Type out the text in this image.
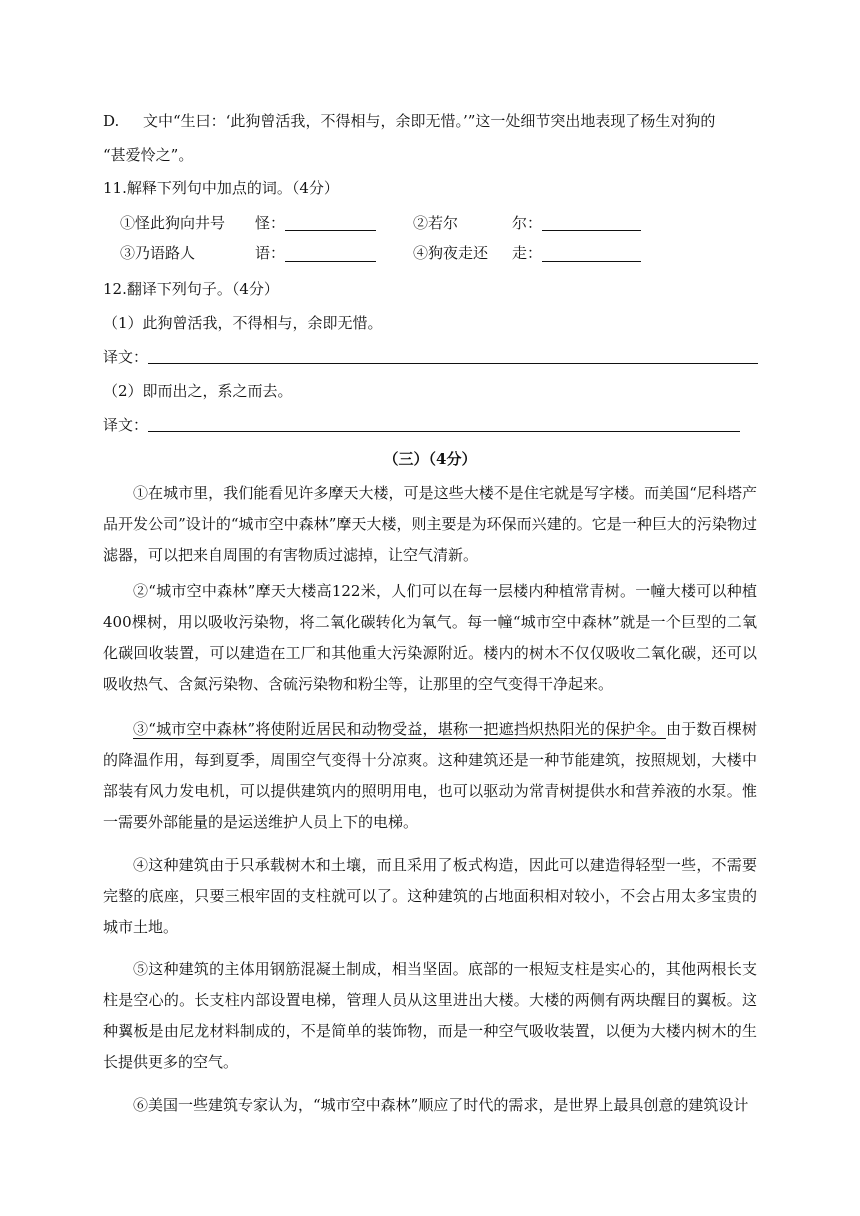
D. 文中“生曰：‘此狗曾活我，不得相与，余即无惜。’”这一处细节突出地表现了杨生对狗的
“甚爱怜之”。
11.解释下列句中加点的词。（4分）
①怪此狗向井号 怪：	②若尔	尔：
③乃语路人	语：	④狗夜走还 走：
12.翻译下列句子。（4分）
（1）此狗曾活我，不得相与，余即无惜。
译文：
（2）即而出之，系之而去。
译文：
（三）（4分）
①在城市里，我们能看见许多摩天大楼，可是这些大楼不是住宅就是写字楼。而美国“尼科塔产品开发公司”设计的“城市空中森林”摩天大楼，则主要是为环保而兴建的。它是一种巨大的污染物过滤器，可以把来自周围的有害物质过滤掉，让空气清新。
②“城市空中森林”摩天大楼高122米，人们可以在每一层楼内种植常青树。一幢大楼可以种植400棵树，用以吸收污染物，将二氧化碳转化为氧气。每一幢“城市空中森林”就是一个巨型的二氧化碳回收装置，可以建造在工厂和其他重大污染源附近。楼内的树木不仅仅吸收二氧化碳，还可以吸收热气、含氮污染物、含硫污染物和粉尘等，让那里的空气变得干净起来。
③“城市空中森林”将使附近居民和动物受益，堪称一把遮挡炽热阳光的保护伞。由于数百棵树的降温作用，每到夏季，周围空气变得十分凉爽。这种建筑还是一种节能建筑，按照规划，大楼中部装有风力发电机，可以提供建筑内的照明用电，也可以驱动为常青树提供水和营养液的水泵。惟一需要外部能量的是运送维护人员上下的电梯。
④这种建筑由于只承载树木和土壤，而且采用了板式构造，因此可以建造得轻型一些，不需要完整的底座，只要三根牢固的支柱就可以了。这种建筑的占地面积相对较小，不会占用太多宝贵的城市土地。
⑤这种建筑的主体用钢筋混凝土制成，相当坚固。底部的一根短支柱是实心的，其他两根长支柱是空心的。长支柱内部设置电梯，管理人员从这里进出大楼。大楼的两侧有两块醒目的翼板。这种翼板是由尼龙材料制成的，不是简单的装饰物，而是一种空气吸收装置，以便为大楼内树木的生长提供更多的空气。
⑥美国一些建筑专家认为，“城市空中森林”顺应了时代的需求，是世界上最具创意的建筑设计
